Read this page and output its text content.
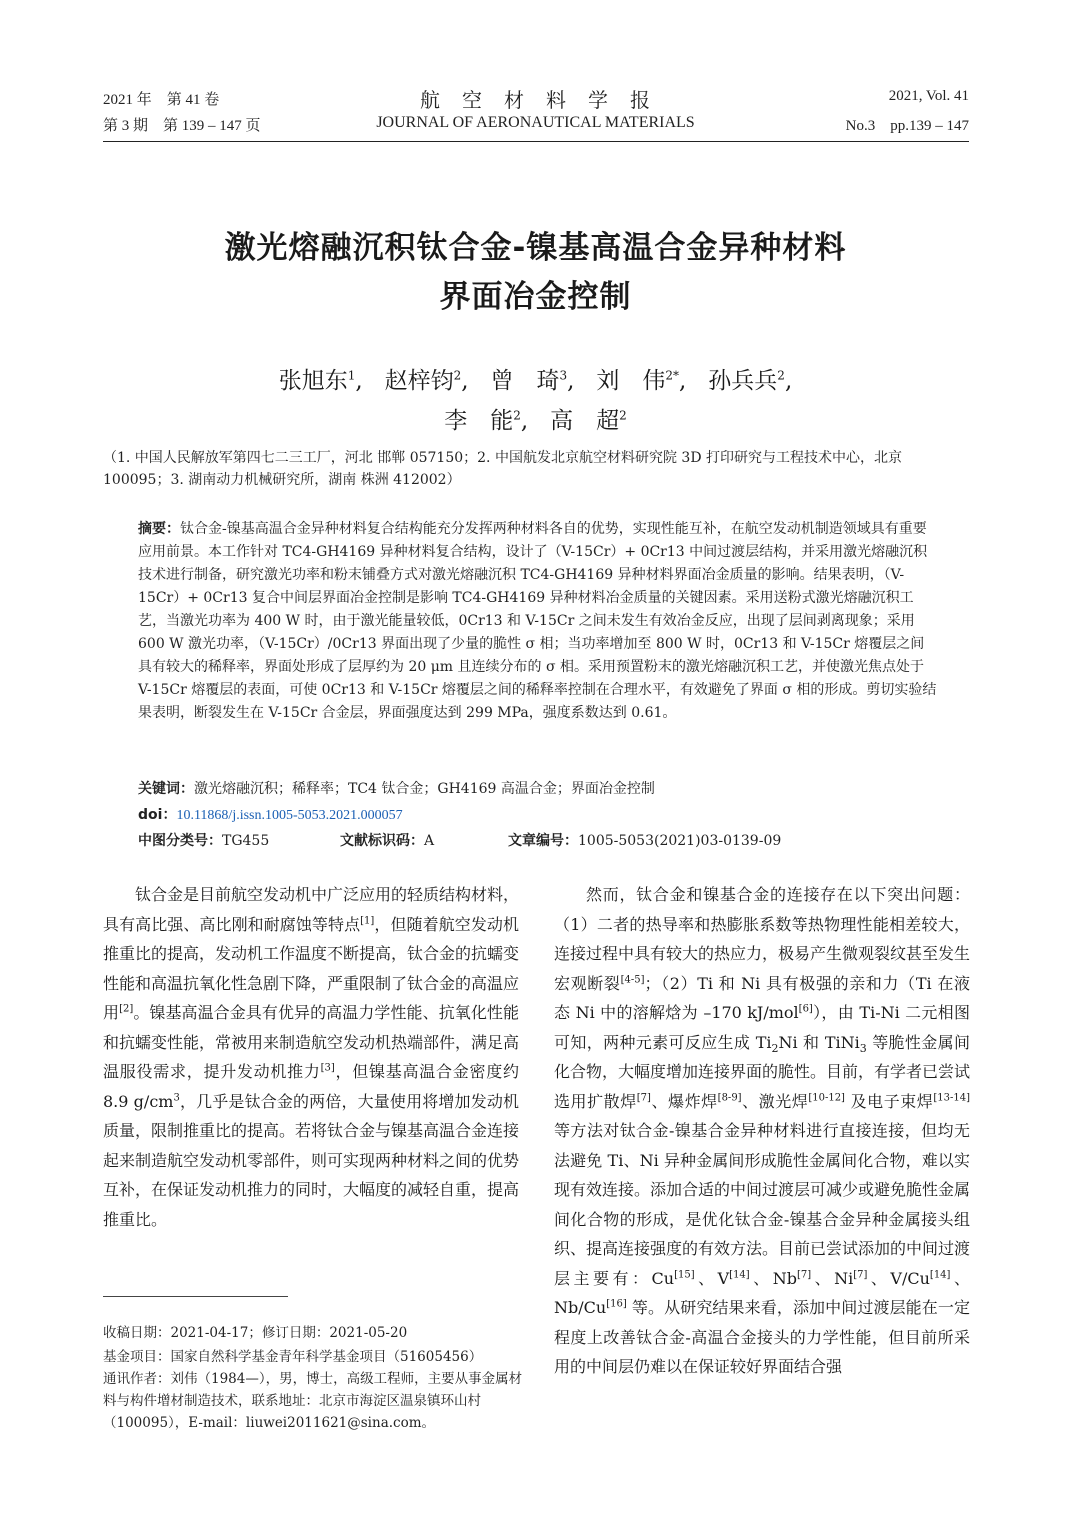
2021 年　第 41 卷
第 3 期　第 139 – 147 页
航　空　材　料　学　报
JOURNAL OF AERONAUTICAL MATERIALS
2021, Vol. 41
No.3　pp.139 – 147
激光熔融沉积钛合金-镍基高温合金异种材料
界面冶金控制
张旭东$^1$,   赵梓钧$^2$,   曾　琦$^3$,   刘　伟$^{2*}$,   孙兵兵$^2$,
李　能$^2$,   高　超$^2$
（1. 中国人民解放军第四七二三工厂，河北 邯郸 057150；2. 中国航发北京航空材料研究院 3D 打印研究与工程技术中心，北京 100095；3. 湖南动力机械研究所，湖南 株洲 412002）
摘要：钛合金-镍基高温合金异种材料复合结构能充分发挥两种材料各自的优势，实现性能互补，在航空发动机制造领域具有重要应用前景。本工作针对 TC4-GH4169 异种材料复合结构，设计了（V-15Cr）+ 0Cr13 中间过渡层结构，并采用激光熔融沉积技术进行制备，研究激光功率和粉末铺叠方式对激光熔融沉积 TC4-GH4169 异种材料界面冶金质量的影响。结果表明，（V-15Cr）+ 0Cr13 复合中间层界面冶金控制是影响 TC4-GH4169 异种材料冶金质量的关键因素。采用送粉式激光熔融沉积工艺，当激光功率为 400 W 时，由于激光能量较低，0Cr13 和 V-15Cr 之间未发生有效冶金反应，出现了层间剥离现象；采用 600 W 激光功率，（V-15Cr）/0Cr13 界面出现了少量的脆性 σ 相；当功率增加至 800 W 时，0Cr13 和 V-15Cr 熔覆层之间具有较大的稀释率，界面处形成了层厚约为 20 μm 且连续分布的 σ 相。采用预置粉末的激光熔融沉积工艺，并使激光焦点处于 V-15Cr 熔覆层的表面，可使 0Cr13 和 V-15Cr 熔覆层之间的稀释率控制在合理水平，有效避免了界面 σ 相的形成。剪切实验结果表明，断裂发生在 V-15Cr 合金层，界面强度达到 299 MPa，强度系数达到 0.61。
关键词：激光熔融沉积；稀释率；TC4 钛合金；GH4169 高温合金；界面冶金控制
doi：10.11868/j.issn.1005-5053.2021.000057
中图分类号：TG455	文献标识码：A	文章编号：1005-5053(2021)03-0139-09

钛合金是目前航空发动机中广泛应用的轻质结构材料，具有高比强、高比刚和耐腐蚀等特点[1]，但随着航空发动机推重比的提高，发动机工作温度不断提高，钛合金的抗蠕变性能和高温抗氧化性急剧下降，严重限制了钛合金的高温应用[2]。镍基高温合金具有优异的高温力学性能、抗氧化性能和抗蠕变性能，常被用来制造航空发动机热端部件，满足高温服役需求，提升发动机推力[3]，但镍基高温合金密度约 8.9 $g/cm^3$，几乎是钛合金的两倍，大量使用将增加发动机质量，限制推重比的提高。若将钛合金与镍基高温合金连接起来制造航空发动机零部件，则可实现两种材料之间的优势互补，在保证发动机推力的同时，大幅度的减轻自重，提高推重比。

然而，钛合金和镍基合金的连接存在以下突出问题：（1）二者的热导率和热膨胀系数等热物理性能相差较大，连接过程中具有较大的热应力，极易产生微观裂纹甚至发生宏观断裂[4-5]；（2）Ti 和 Ni 具有极强的亲和力（Ti 在液态 Ni 中的溶解焓为 –170 kJ/mol[6]），由 Ti-Ni 二元相图可知，两种元素可反应生成 $Ti_2Ni$ 和 TiNi$_3$ 等脆性金属间化合物，大幅度增加连接界面的脆性。目前，有学者已尝试选用扩散焊[7]、爆炸焊[8-9]、激光焊[10-12] 及电子束焊[13-14] 等方法对钛合金-镍基合金异种材料进行直接连接，但均无法避免 Ti、Ni 异种金属间形成脆性金属间化合物，难以实现有效连接。添加合适的中间过渡层可减少或避免脆性金属间化合物的形成，是优化钛合金-镍基合金异种金属接头组织、提高连接强度的有效方法。目前已尝试添加的中间过渡层主要有：Cu[15]、V[14]、Nb[7]、Ni[7]、V/Cu[14]、Nb/Cu[16] 等。从研究结果来看，添加中间过渡层能在一定程度上改善钛合金-高温合金接头的力学性能，但目前所采用的中间层仍难以在保证较好界面结合强

收稿日期：2021-04-17；修订日期：2021-05-20
基金项目：国家自然科学基金青年科学基金项目（51605456）
通讯作者：刘伟（1984—），男，博士，高级工程师，主要从事金属材料与构件增材制造技术，联系地址：北京市海淀区温泉镇环山村（100095），E-mail：liuwei2011621@sina.com。
